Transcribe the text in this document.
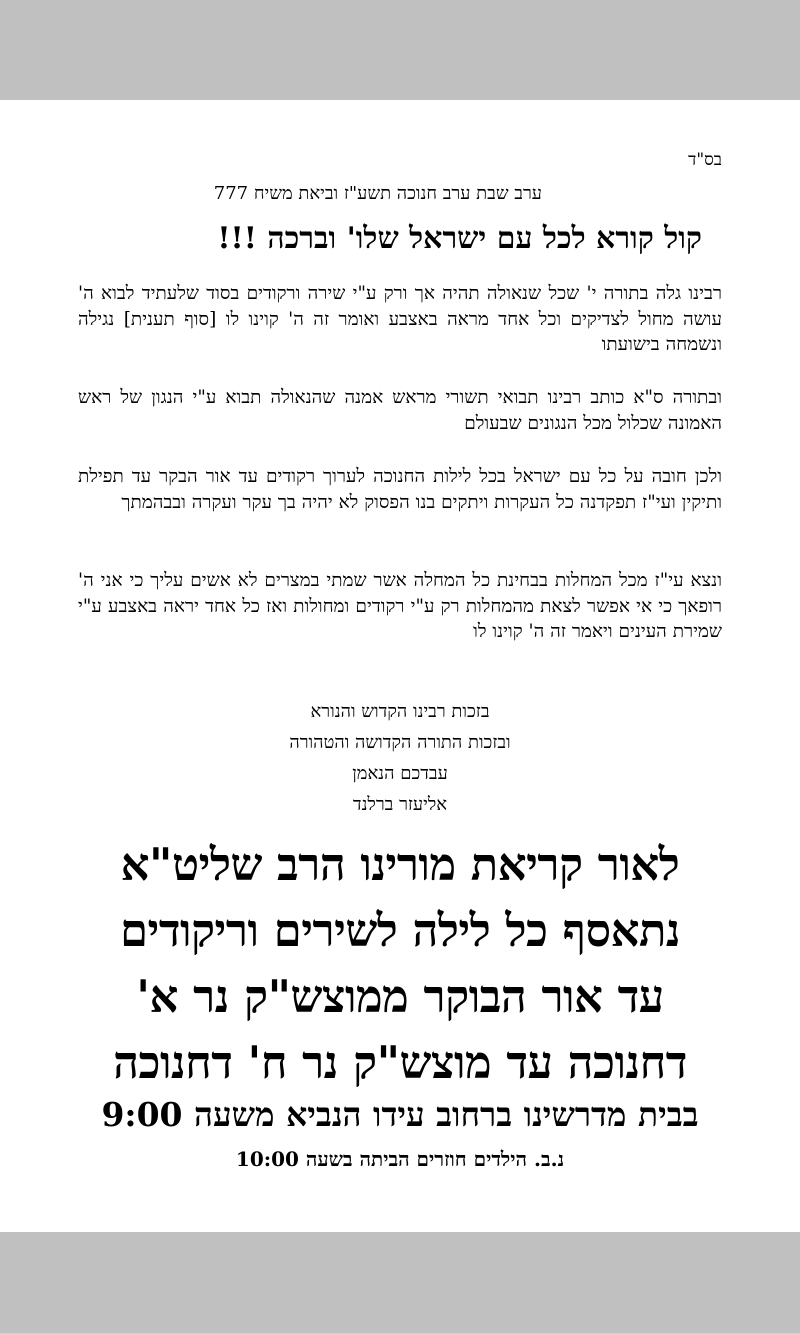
בס"ד
ערב שבת ערב חנוכה תשע"ז וביאת משיח 777
קול קורא לכל עם ישראל שלו' וברכה !!!
רבינו גלה בתורה י' שכל שנאולה תהיה אך ורק ע"י שירה ורקודים בסוד שלעתיד לבוא ה' עושה מחול לצדיקים וכל אחד מראה באצבע ואומר זה ה' קוינו לו [סוף תענית] נגילה ונשמחה בישועתו
ובתורה ס"א כותב רבינו תבואי תשורי מראש אמנה שהנאולה תבוא ע"י הנגון של ראש האמונה שכלול מכל הנגונים שבעולם
ולכן חובה על כל עם ישראל בכל לילות החנוכה לערוך רקודים עד אור הבקר עד תפילת ותיקין ועי"ז תפקדנה כל העקרות ויתקים בנו הפסוק לא יהיה בך עקר ועקרה ובבהמתך
ונצא עי"ז מכל המחלות בבחינת כל המחלה אשר שמתי במצרים לא אשים עליך כי אני ה' רופאך כי אי אפשר לצאת מהמחלות רק ע"י רקודים ומחולות ואז כל אחד יראה באצבע ע"י שמירת העינים ויאמר זה ה' קוינו לו
בזכות רבינו הקדוש והנורא
ובזכות התורה הקדושה והטהורה
עבדכם הנאמן
אליעזר ברלנד
לאור קריאת מורינו הרב שליט"א
נתאסף כל לילה לשירים וריקודים
עד אור הבוקר ממוצש"ק נר א'
דחנוכה עד מוצש"ק נר ח' דחנוכה
בבית מדרשינו ברחוב עידו הנביא משעה 9:00
נ.ב. הילדים חוזרים הביתה בשעה 10:00
